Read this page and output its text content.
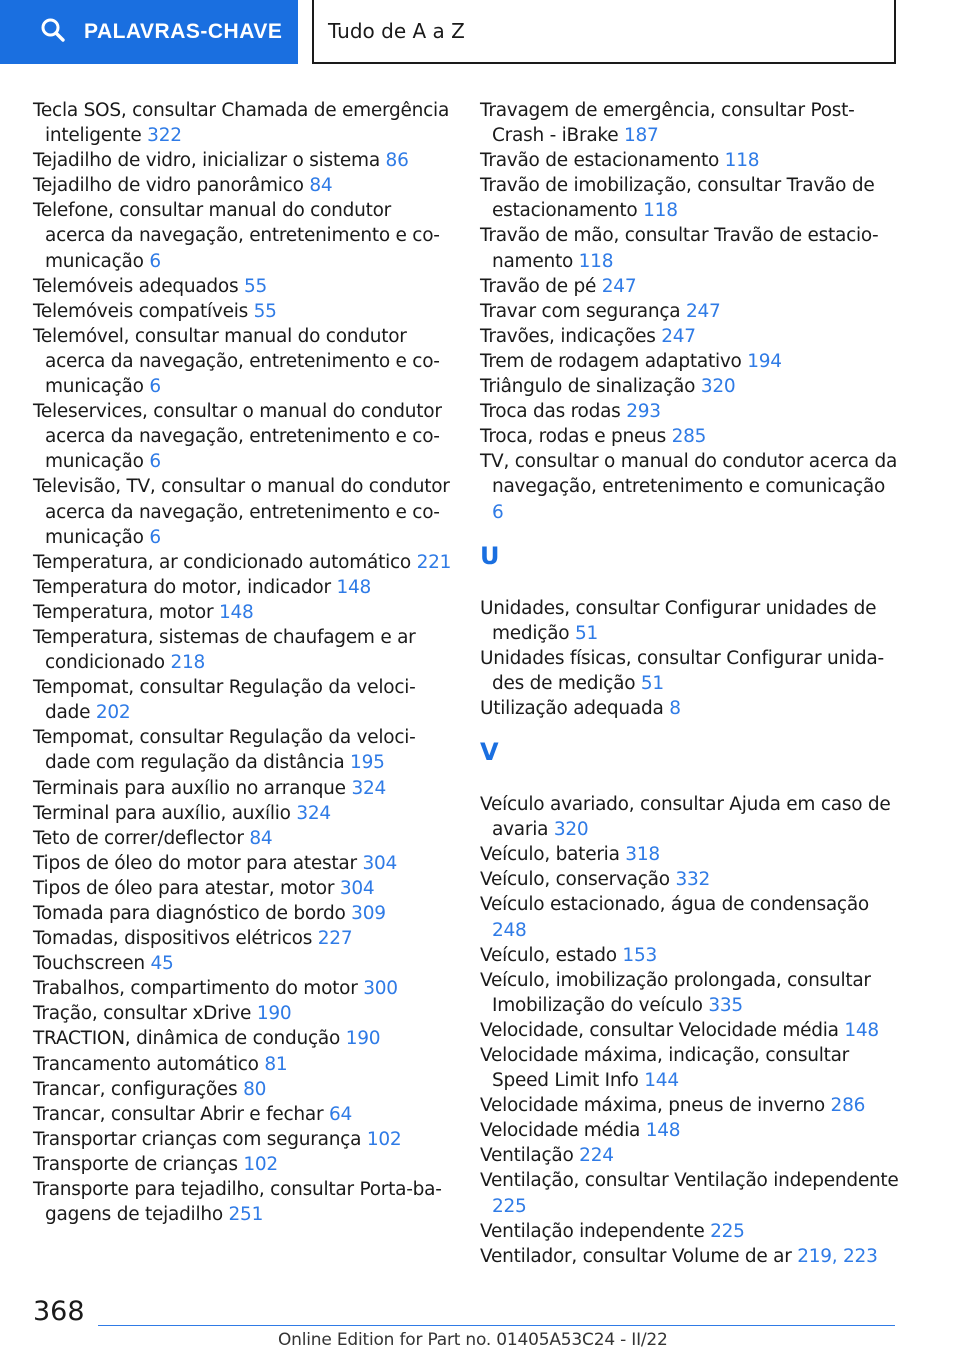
PALAVRAS-CHAVE Tudo de A a Z
Tecla SOS, consultar Chamada de emergência inteligente 322
Tejadilho de vidro, inicializar o sistema 86
Tejadilho de vidro panorâmico 84
Telefone, consultar manual do condutor acerca da navegação, entretenimento e comunicação 6
Telemóveis adequados 55
Telemóveis compatíveis 55
Telemóvel, consultar manual do condutor acerca da navegação, entretenimento e comunicação 6
Teleservices, consultar o manual do condutor acerca da navegação, entretenimento e comunicação 6
Televisão, TV, consultar o manual do condutor acerca da navegação, entretenimento e comunicação 6
Temperatura, ar condicionado automático 221
Temperatura do motor, indicador 148
Temperatura, motor 148
Temperatura, sistemas de chaufagem e ar condicionado 218
Tempomat, consultar Regulação da velocidade 202
Tempomat, consultar Regulação da velocidade com regulação da distância 195
Terminais para auxílio no arranque 324
Terminal para auxílio, auxílio 324
Teto de correr/deflector 84
Tipos de óleo do motor para atestar 304
Tipos de óleo para atestar, motor 304
Tomada para diagnóstico de bordo 309
Tomadas, dispositivos elétricos 227
Touchscreen 45
Trabalhos, compartimento do motor 300
Tração, consultar xDrive 190
TRACTION, dinâmica de condução 190
Trancamento automático 81
Trancar, configurações 80
Trancar, consultar Abrir e fechar 64
Transportar crianças com segurança 102
Transporte de crianças 102
Transporte para tejadilho, consultar Porta-bagagens de tejadilho 251
Travagem de emergência, consultar Post-Crash - iBrake 187
Travão de estacionamento 118
Travão de imobilização, consultar Travão de estacionamento 118
Travão de mão, consultar Travão de estacionamento 118
Travão de pé 247
Travar com segurança 247
Travões, indicações 247
Trem de rodagem adaptativo 194
Triângulo de sinalização 320
Troca das rodas 293
Troca, rodas e pneus 285
TV, consultar o manual do condutor acerca da navegação, entretenimento e comunicação 6
U
Unidades, consultar Configurar unidades de medição 51
Unidades físicas, consultar Configurar unidades de medição 51
Utilização adequada 8
V
Veículo avariado, consultar Ajuda em caso de avaria 320
Veículo, bateria 318
Veículo, conservação 332
Veículo estacionado, água de condensação 248
Veículo, estado 153
Veículo, imobilização prolongada, consultar Imobilização do veículo 335
Velocidade, consultar Velocidade média 148
Velocidade máxima, indicação, consultar Speed Limit Info 144
Velocidade máxima, pneus de inverno 286
Velocidade média 148
Ventilação 224
Ventilação, consultar Ventilação independente 225
Ventilação independente 225
Ventilador, consultar Volume de ar 219, 223
368
Online Edition for Part no. 01405A53C24 - II/22
